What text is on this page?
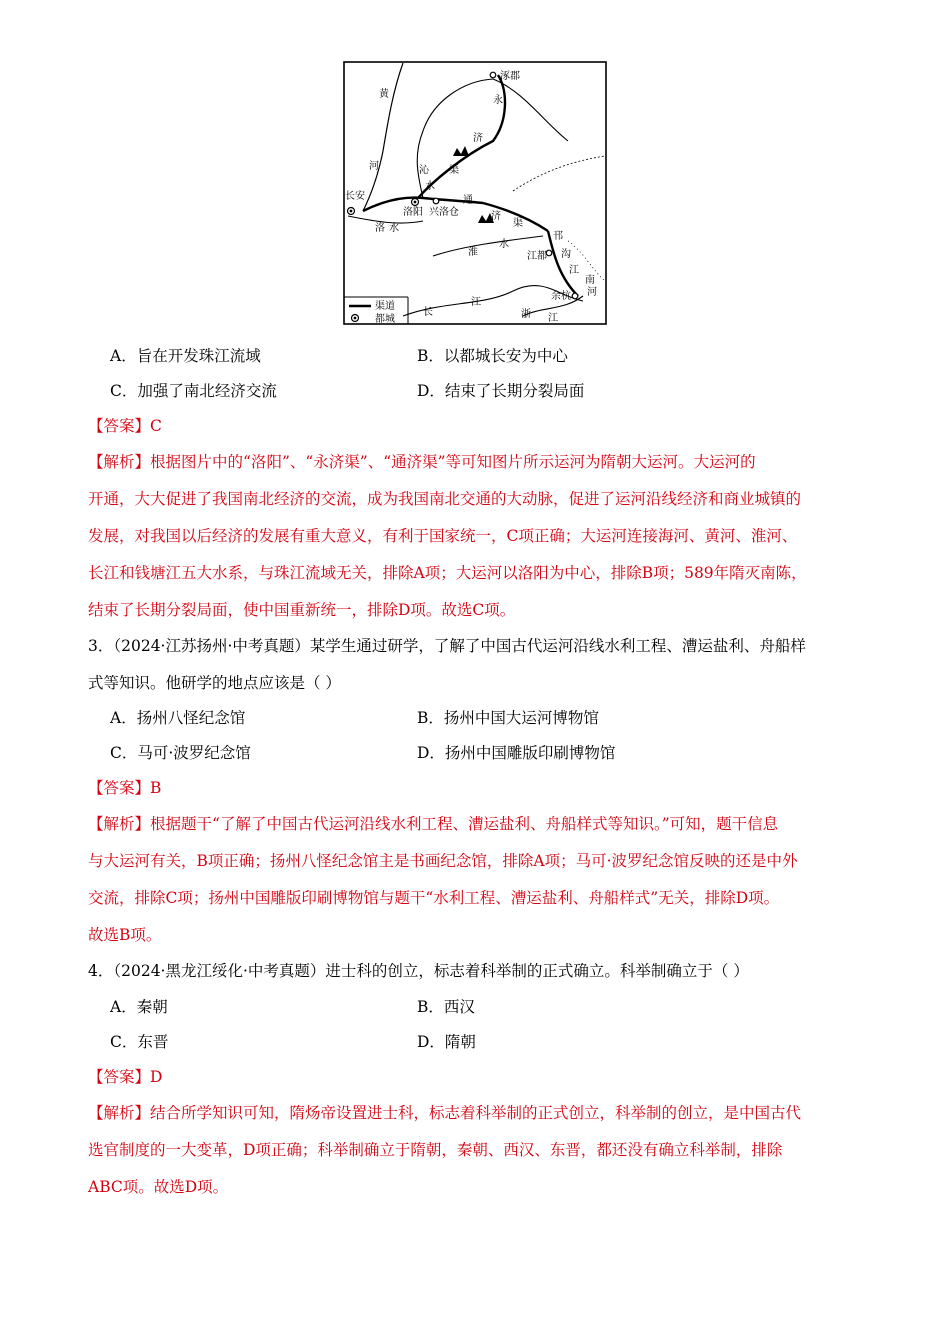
涿郡
黄
河
永
济
沁
水
渠
长安
洛阳 兴洛仓
通
济
渠
洛 水
邗
沟
淮
水
江都
江
南
河
余杭
江
长	浙 江
渠道
都城
A．旨在开发珠江流域	B．以都城长安为中心
C．加强了南北经济交流	D．结束了长期分裂局面
【答案】C
【解析】根据图片中的“洛阳”、“永济渠”、“通济渠”等可知图片所示运河为隋朝大运河。大运河的
开通，大大促进了我国南北经济的交流，成为我国南北交通的大动脉，促进了运河沿线经济和商业城镇的
发展，对我国以后经济的发展有重大意义，有利于国家统一，C项正确；大运河连接海河、黄河、淮河、
长江和钱塘江五大水系，与珠江流域无关，排除A项；大运河以洛阳为中心，排除B项；589年隋灭南陈，
结束了长期分裂局面，使中国重新统一，排除D项。故选C项。
3．（2024·江苏扬州·中考真题）某学生通过研学，了解了中国古代运河沿线水利工程、漕运盐利、舟船样
式等知识。他研学的地点应该是（ ）
A．扬州八怪纪念馆	B．扬州中国大运河博物馆
C．马可·波罗纪念馆	D．扬州中国雕版印刷博物馆
【答案】B
【解析】根据题干“了解了中国古代运河沿线水利工程、漕运盐利、舟船样式等知识。”可知，题干信息
与大运河有关，B项正确；扬州八怪纪念馆主是书画纪念馆，排除A项；马可·波罗纪念馆反映的还是中外
交流，排除C项；扬州中国雕版印刷博物馆与题干“水利工程、漕运盐利、舟船样式”无关，排除D项。
故选B项。
4．（2024·黑龙江绥化·中考真题）进士科的创立，标志着科举制的正式确立。科举制确立于（ ）
A．秦朝	B．西汉
C．东晋	D．隋朝
【答案】D
【解析】结合所学知识可知，隋炀帝设置进士科，标志着科举制的正式创立，科举制的创立，是中国古代
选官制度的一大变革，D项正确；科举制确立于隋朝，秦朝、西汉、东晋，都还没有确立科举制，排除
ABC项。故选D项。
